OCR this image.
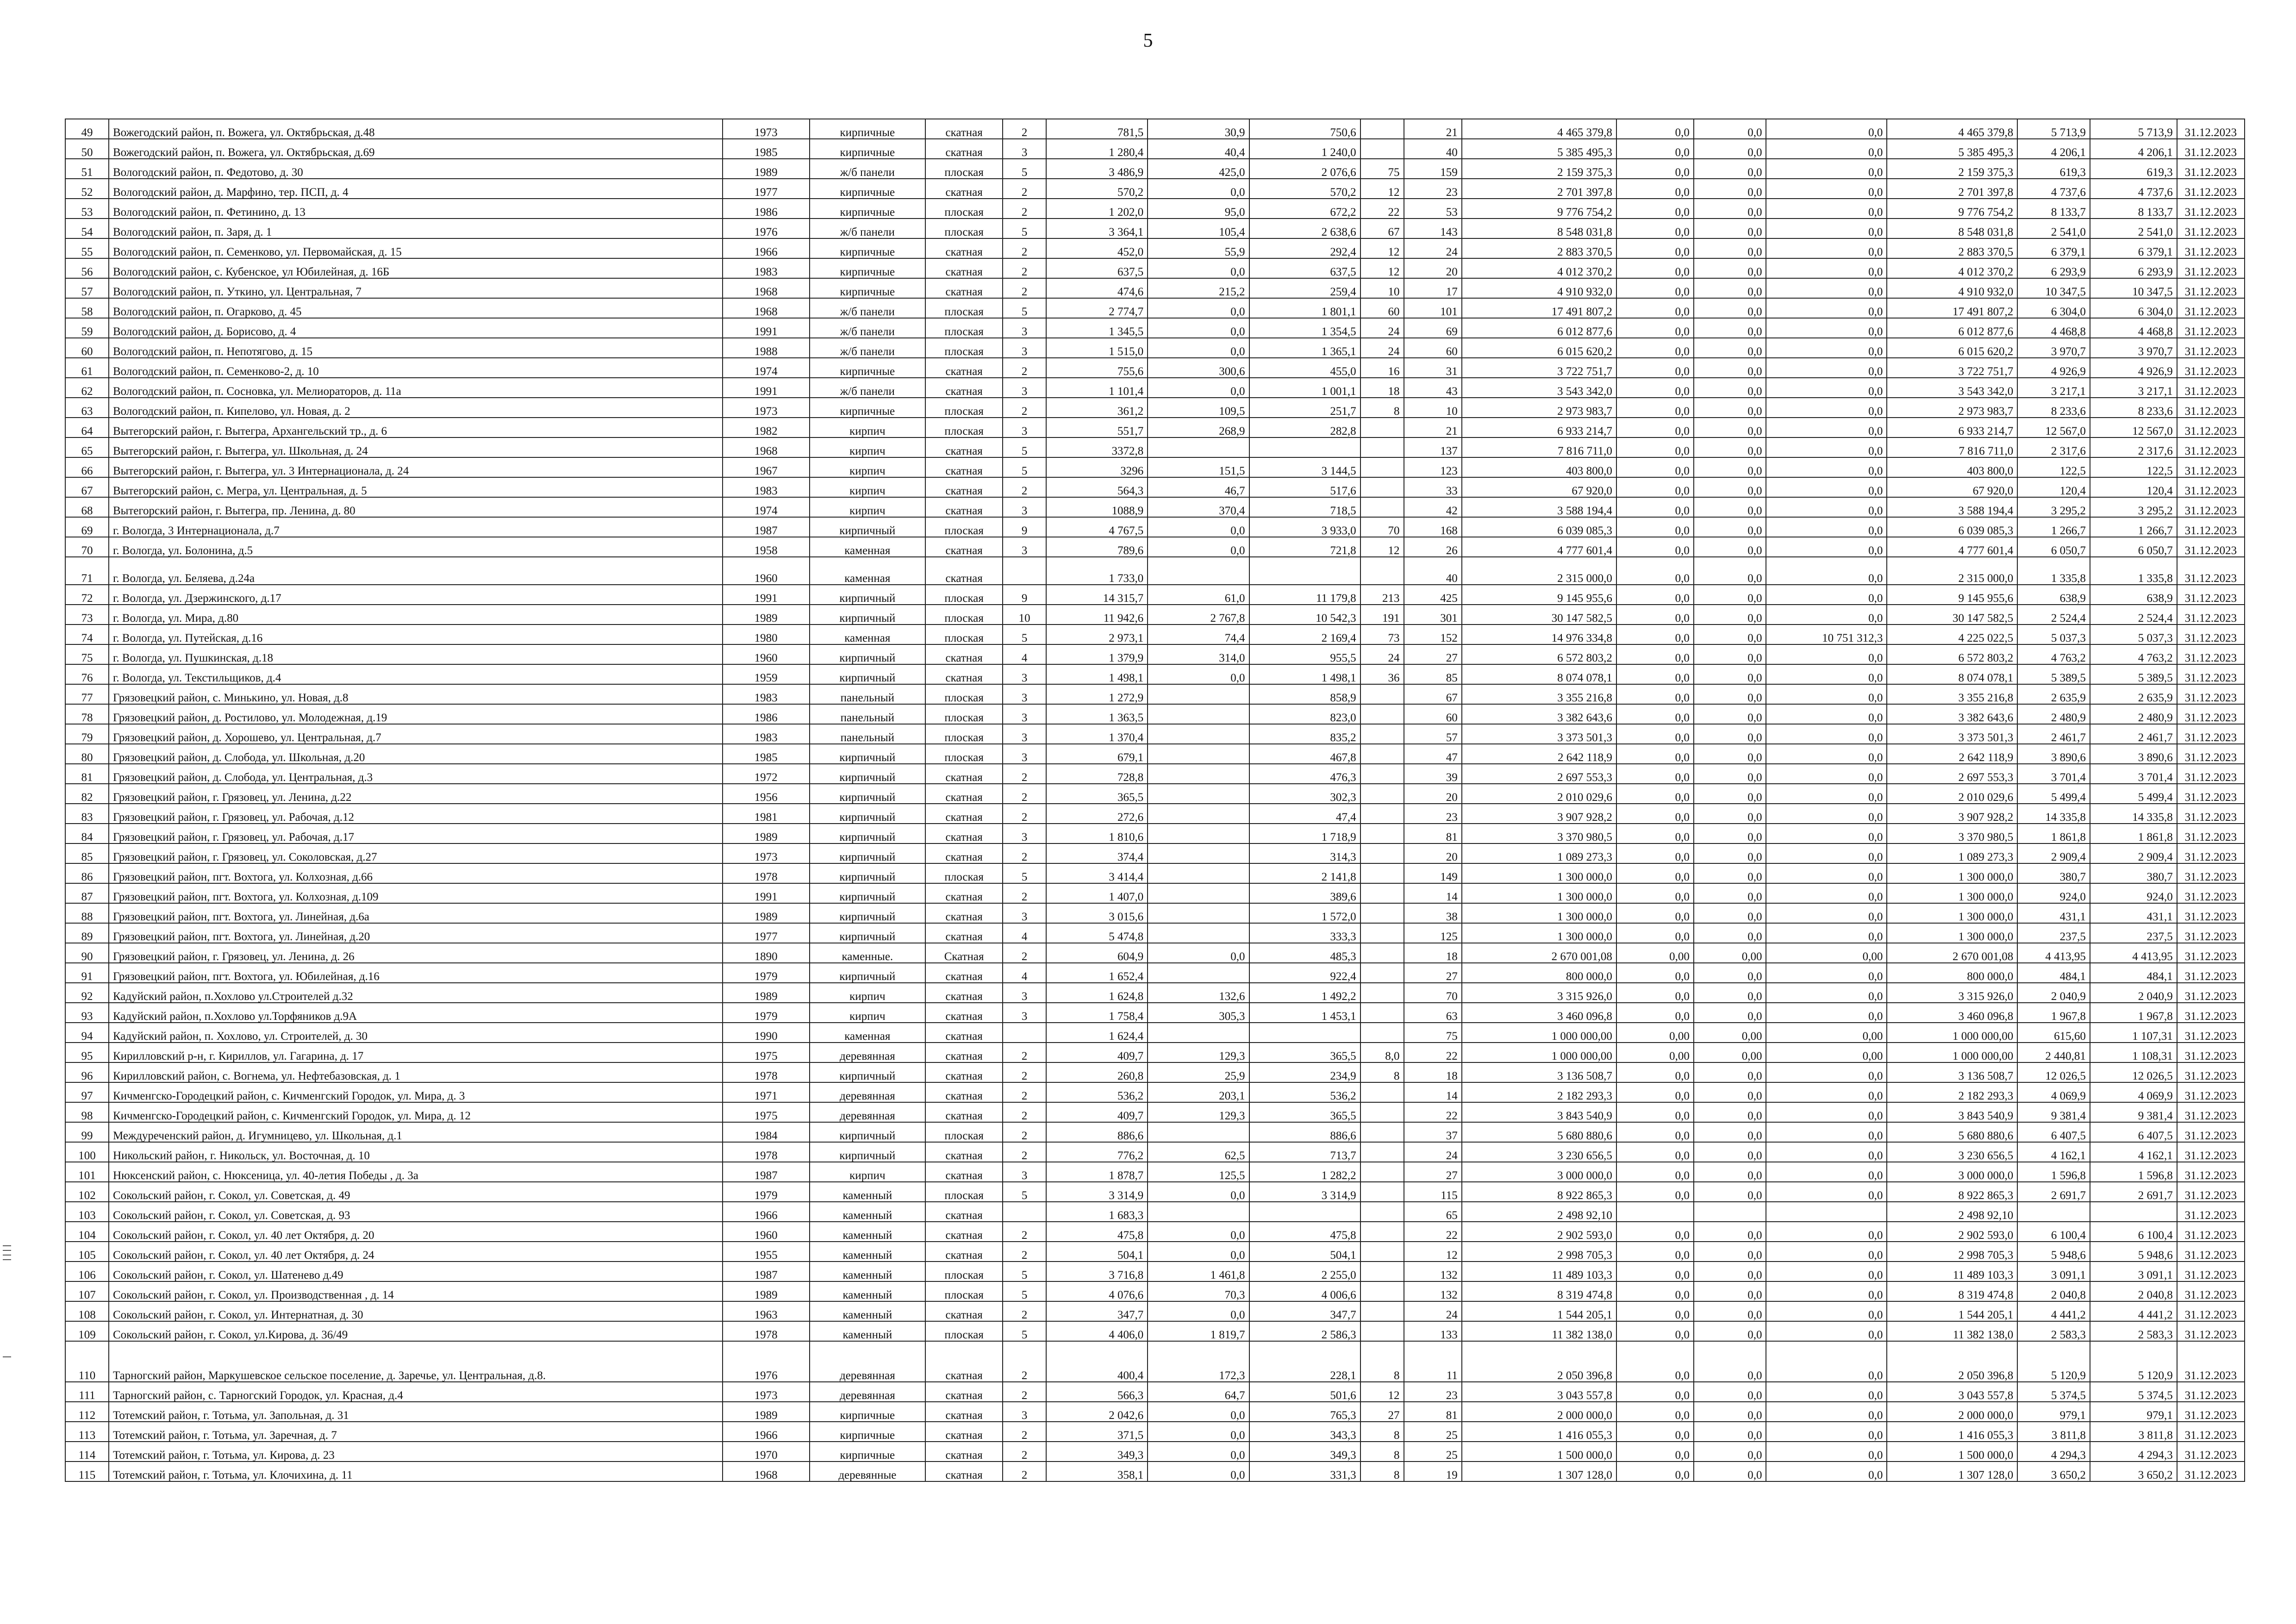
5
49	Вожегодский район, п. Вожега, ул. Октябрьская, д.48	1973	кирпичные	скатная	2	781,5	30,9	750,6		21	4 465 379,8	0,0	0,0	0,0	4 465 379,8	5 713,9	5 713,9	31.12.2023
50	Вожегодский район, п. Вожега, ул. Октябрьская, д.69	1985	кирпичные	скатная	3	1 280,4	40,4	1 240,0		40	5 385 495,3	0,0	0,0	0,0	5 385 495,3	4 206,1	4 206,1	31.12.2023
51	Вологодский район, п. Федотово, д. 30	1989	ж/б панели	плоская	5	3 486,9	425,0	2 076,6	75	159	2 159 375,3	0,0	0,0	0,0	2 159 375,3	619,3	619,3	31.12.2023
52	Вологодский район, д. Марфино, тер. ПСП, д. 4	1977	кирпичные	скатная	2	570,2	0,0	570,2	12	23	2 701 397,8	0,0	0,0	0,0	2 701 397,8	4 737,6	4 737,6	31.12.2023
53	Вологодский район, п. Фетинино, д. 13	1986	кирпичные	плоская	2	1 202,0	95,0	672,2	22	53	9 776 754,2	0,0	0,0	0,0	9 776 754,2	8 133,7	8 133,7	31.12.2023
54	Вологодский район, п. Заря, д. 1	1976	ж/б панели	плоская	5	3 364,1	105,4	2 638,6	67	143	8 548 031,8	0,0	0,0	0,0	8 548 031,8	2 541,0	2 541,0	31.12.2023
55	Вологодский район, п. Семенково, ул. Первомайская, д. 15	1966	кирпичные	скатная	2	452,0	55,9	292,4	12	24	2 883 370,5	0,0	0,0	0,0	2 883 370,5	6 379,1	6 379,1	31.12.2023
56	Вологодский район, с. Кубенское, ул Юбилейная, д. 16Б	1983	кирпичные	скатная	2	637,5	0,0	637,5	12	20	4 012 370,2	0,0	0,0	0,0	4 012 370,2	6 293,9	6 293,9	31.12.2023
57	Вологодский район, п. Уткино, ул. Центральная, 7	1968	кирпичные	скатная	2	474,6	215,2	259,4	10	17	4 910 932,0	0,0	0,0	0,0	4 910 932,0	10 347,5	10 347,5	31.12.2023
58	Вологодский район, п. Огарково, д. 45	1968	ж/б панели	плоская	5	2 774,7	0,0	1 801,1	60	101	17 491 807,2	0,0	0,0	0,0	17 491 807,2	6 304,0	6 304,0	31.12.2023
59	Вологодский район, д. Борисово, д. 4	1991	ж/б панели	плоская	3	1 345,5	0,0	1 354,5	24	69	6 012 877,6	0,0	0,0	0,0	6 012 877,6	4 468,8	4 468,8	31.12.2023
60	Вологодский район, п. Непотягово, д. 15	1988	ж/б панели	плоская	3	1 515,0	0,0	1 365,1	24	60	6 015 620,2	0,0	0,0	0,0	6 015 620,2	3 970,7	3 970,7	31.12.2023
61	Вологодский район, п. Семенково-2, д. 10	1974	кирпичные	скатная	2	755,6	300,6	455,0	16	31	3 722 751,7	0,0	0,0	0,0	3 722 751,7	4 926,9	4 926,9	31.12.2023
62	Вологодский район, п. Сосновка, ул. Мелиораторов, д. 11а	1991	ж/б панели	скатная	3	1 101,4	0,0	1 001,1	18	43	3 543 342,0	0,0	0,0	0,0	3 543 342,0	3 217,1	3 217,1	31.12.2023
63	Вологодский район, п. Кипелово, ул. Новая, д. 2	1973	кирпичные	плоская	2	361,2	109,5	251,7	8	10	2 973 983,7	0,0	0,0	0,0	2 973 983,7	8 233,6	8 233,6	31.12.2023
64	Вытегорский район, г. Вытегра, Архангельский тр., д. 6	1982	кирпич	плоская	3	551,7	268,9	282,8		21	6 933 214,7	0,0	0,0	0,0	6 933 214,7	12 567,0	12 567,0	31.12.2023
65	Вытегорский район, г. Вытегра, ул. Школьная, д. 24	1968	кирпич	скатная	5	3372,8				137	7 816 711,0	0,0	0,0	0,0	7 816 711,0	2 317,6	2 317,6	31.12.2023
66	Вытегорский район, г. Вытегра, ул. 3 Интернационала, д. 24	1967	кирпич	скатная	5	3296	151,5	3 144,5		123	403 800,0	0,0	0,0	0,0	403 800,0	122,5	122,5	31.12.2023
67	Вытегорский район, с. Мегра, ул. Центральная, д. 5	1983	кирпич	скатная	2	564,3	46,7	517,6		33	67 920,0	0,0	0,0	0,0	67 920,0	120,4	120,4	31.12.2023
68	Вытегорский район, г. Вытегра, пр. Ленина, д. 80	1974	кирпич	скатная	3	1088,9	370,4	718,5		42	3 588 194,4	0,0	0,0	0,0	3 588 194,4	3 295,2	3 295,2	31.12.2023
69	г. Вологда, 3 Интернационала, д.7	1987	кирпичный	плоская	9	4 767,5	0,0	3 933,0	70	168	6 039 085,3	0,0	0,0	0,0	6 039 085,3	1 266,7	1 266,7	31.12.2023
70	г. Вологда, ул. Болонина, д.5	1958	каменная	скатная	3	789,6	0,0	721,8	12	26	4 777 601,4	0,0	0,0	0,0	4 777 601,4	6 050,7	6 050,7	31.12.2023
71	г. Вологда, ул. Беляева, д.24а	1960	каменная	скатная		1 733,0				40	2 315 000,0	0,0	0,0	0,0	2 315 000,0	1 335,8	1 335,8	31.12.2023
72	г. Вологда, ул. Дзержинского, д.17	1991	кирпичный	плоская	9	14 315,7	61,0	11 179,8	213	425	9 145 955,6	0,0	0,0	0,0	9 145 955,6	638,9	638,9	31.12.2023
73	г. Вологда, ул. Мира, д.80	1989	кирпичный	плоская	10	11 942,6	2 767,8	10 542,3	191	301	30 147 582,5	0,0	0,0	0,0	30 147 582,5	2 524,4	2 524,4	31.12.2023
74	г. Вологда, ул. Путейская, д.16	1980	каменная	плоская	5	2 973,1	74,4	2 169,4	73	152	14 976 334,8	0,0	0,0	10 751 312,3	4 225 022,5	5 037,3	5 037,3	31.12.2023
75	г. Вологда, ул. Пушкинская, д.18	1960	кирпичный	скатная	4	1 379,9	314,0	955,5	24	27	6 572 803,2	0,0	0,0	0,0	6 572 803,2	4 763,2	4 763,2	31.12.2023
76	г. Вологда, ул. Текстильщиков, д.4	1959	кирпичный	скатная	3	1 498,1	0,0	1 498,1	36	85	8 074 078,1	0,0	0,0	0,0	8 074 078,1	5 389,5	5 389,5	31.12.2023
77	Грязовецкий район, с. Минькино, ул. Новая, д.8	1983	панельный	плоская	3	1 272,9		858,9		67	3 355 216,8	0,0	0,0	0,0	3 355 216,8	2 635,9	2 635,9	31.12.2023
78	Грязовецкий район, д. Ростилово, ул. Молодежная, д.19	1986	панельный	плоская	3	1 363,5		823,0		60	3 382 643,6	0,0	0,0	0,0	3 382 643,6	2 480,9	2 480,9	31.12.2023
79	Грязовецкий район, д. Хорошево, ул. Центральная, д.7	1983	панельный	плоская	3	1 370,4		835,2		57	3 373 501,3	0,0	0,0	0,0	3 373 501,3	2 461,7	2 461,7	31.12.2023
80	Грязовецкий район, д. Слобода, ул. Школьная, д.20	1985	кирпичный	плоская	3	679,1		467,8		47	2 642 118,9	0,0	0,0	0,0	2 642 118,9	3 890,6	3 890,6	31.12.2023
81	Грязовецкий район, д. Слобода, ул. Центральная, д.3	1972	кирпичный	скатная	2	728,8		476,3		39	2 697 553,3	0,0	0,0	0,0	2 697 553,3	3 701,4	3 701,4	31.12.2023
82	Грязовецкий район, г. Грязовец, ул. Ленина, д.22	1956	кирпичный	скатная	2	365,5		302,3		20	2 010 029,6	0,0	0,0	0,0	2 010 029,6	5 499,4	5 499,4	31.12.2023
83	Грязовецкий район, г. Грязовец, ул. Рабочая, д.12	1981	кирпичный	скатная	2	272,6		47,4		23	3 907 928,2	0,0	0,0	0,0	3 907 928,2	14 335,8	14 335,8	31.12.2023
84	Грязовецкий район, г. Грязовец, ул. Рабочая, д.17	1989	кирпичный	скатная	3	1 810,6		1 718,9		81	3 370 980,5	0,0	0,0	0,0	3 370 980,5	1 861,8	1 861,8	31.12.2023
85	Грязовецкий район, г. Грязовец, ул. Соколовская, д.27	1973	кирпичный	скатная	2	374,4		314,3		20	1 089 273,3	0,0	0,0	0,0	1 089 273,3	2 909,4	2 909,4	31.12.2023
86	Грязовецкий район, пгт. Вохтога, ул. Колхозная, д.66	1978	кирпичный	плоская	5	3 414,4		2 141,8		149	1 300 000,0	0,0	0,0	0,0	1 300 000,0	380,7	380,7	31.12.2023
87	Грязовецкий район, пгт. Вохтога, ул. Колхозная, д.109	1991	кирпичный	скатная	2	1 407,0		389,6		14	1 300 000,0	0,0	0,0	0,0	1 300 000,0	924,0	924,0	31.12.2023
88	Грязовецкий район, пгт. Вохтога, ул. Линейная, д.6а	1989	кирпичный	скатная	3	3 015,6		1 572,0		38	1 300 000,0	0,0	0,0	0,0	1 300 000,0	431,1	431,1	31.12.2023
89	Грязовецкий район, пгт. Вохтога, ул. Линейная, д.20	1977	кирпичный	скатная	4	5 474,8		333,3		125	1 300 000,0	0,0	0,0	0,0	1 300 000,0	237,5	237,5	31.12.2023
90	Грязовецкий район, г. Грязовец, ул. Ленина, д. 26	1890	каменные.	Скатная	2	604,9	0,0	485,3		18	2 670 001,08	0,00	0,00	0,00	2 670 001,08	4 413,95	4 413,95	31.12.2023
91	Грязовецкий район, пгт. Вохтога, ул. Юбилейная, д.16	1979	кирпичный	скатная	4	1 652,4		922,4		27	800 000,0	0,0	0,0	0,0	800 000,0	484,1	484,1	31.12.2023
92	Кадуйский район, п.Хохлово ул.Строителей д.32	1989	кирпич	скатная	3	1 624,8	132,6	1 492,2		70	3 315 926,0	0,0	0,0	0,0	3 315 926,0	2 040,9	2 040,9	31.12.2023
93	Кадуйский район, п.Хохлово ул.Торфяников д.9А	1979	кирпич	скатная	3	1 758,4	305,3	1 453,1		63	3 460 096,8	0,0	0,0	0,0	3 460 096,8	1 967,8	1 967,8	31.12.2023
94	Кадуйский район, п. Хохлово, ул. Строителей, д. 30	1990	каменная	скатная		1 624,4				75	1 000 000,00	0,00	0,00	0,00	1 000 000,00	615,60	1 107,31	31.12.2023
95	Кирилловский р-н, г. Кириллов, ул. Гагарина, д. 17	1975	деревянная	скатная	2	409,7	129,3	365,5	8,0	22	1 000 000,00	0,00	0,00	0,00	1 000 000,00	2 440,81	1 108,31	31.12.2023
96	Кирилловский район, с. Вогнема, ул. Нефтебазовская, д. 1	1978	кирпичный	скатная	2	260,8	25,9	234,9	8	18	3 136 508,7	0,0	0,0	0,0	3 136 508,7	12 026,5	12 026,5	31.12.2023
97	Кичменгско-Городецкий район, с. Кичменгский Городок, ул. Мира, д. 3	1971	деревянная	скатная	2	536,2	203,1	536,2		14	2 182 293,3	0,0	0,0	0,0	2 182 293,3	4 069,9	4 069,9	31.12.2023
98	Кичменгско-Городецкий район, с. Кичменгский Городок, ул. Мира, д. 12	1975	деревянная	скатная	2	409,7	129,3	365,5		22	3 843 540,9	0,0	0,0	0,0	3 843 540,9	9 381,4	9 381,4	31.12.2023
99	Междуреченский район, д. Игумницево, ул. Школьная, д.1	1984	кирпичный	плоская	2	886,6		886,6		37	5 680 880,6	0,0	0,0	0,0	5 680 880,6	6 407,5	6 407,5	31.12.2023
100	Никольский район, г. Никольск, ул. Восточная, д. 10	1978	кирпичный	скатная	2	776,2	62,5	713,7		24	3 230 656,5	0,0	0,0	0,0	3 230 656,5	4 162,1	4 162,1	31.12.2023
101	Нюксенский район, с. Нюксеница, ул. 40-летия Победы , д. 3а	1987	кирпич	скатная	3	1 878,7	125,5	1 282,2		27	3 000 000,0	0,0	0,0	0,0	3 000 000,0	1 596,8	1 596,8	31.12.2023
102	Сокольский район, г. Сокол, ул. Советская, д. 49	1979	каменный	плоская	5	3 314,9	0,0	3 314,9		115	8 922 865,3	0,0	0,0	0,0	8 922 865,3	2 691,7	2 691,7	31.12.2023
103	Сокольский район, г. Сокол, ул. Советская, д. 93	1966	каменный	скатная		1 683,3				65	2 498 92,10				2 498 92,10			31.12.2023
104	Сокольский район, г. Сокол, ул. 40 лет Октября, д. 20	1960	каменный	скатная	2	475,8	0,0	475,8		22	2 902 593,0	0,0	0,0	0,0	2 902 593,0	6 100,4	6 100,4	31.12.2023
105	Сокольский район, г. Сокол, ул. 40 лет Октября, д. 24	1955	каменный	скатная	2	504,1	0,0	504,1		12	2 998 705,3	0,0	0,0	0,0	2 998 705,3	5 948,6	5 948,6	31.12.2023
106	Сокольский район, г. Сокол, ул. Шатенево д.49	1987	каменный	плоская	5	3 716,8	1 461,8	2 255,0		132	11 489 103,3	0,0	0,0	0,0	11 489 103,3	3 091,1	3 091,1	31.12.2023
107	Сокольский район, г. Сокол, ул. Производственная , д. 14	1989	каменный	плоская	5	4 076,6	70,3	4 006,6		132	8 319 474,8	0,0	0,0	0,0	8 319 474,8	2 040,8	2 040,8	31.12.2023
108	Сокольский район, г. Сокол, ул. Интернатная, д. 30	1963	каменный	скатная	2	347,7	0,0	347,7		24	1 544 205,1	0,0	0,0	0,0	1 544 205,1	4 441,2	4 441,2	31.12.2023
109	Сокольский район, г. Сокол, ул.Кирова, д. 36/49	1978	каменный	плоская	5	4 406,0	1 819,7	2 586,3		133	11 382 138,0	0,0	0,0	0,0	11 382 138,0	2 583,3	2 583,3	31.12.2023
110	Тарногский район, Маркушевское сельское поселение, д. Заречье, ул. Центральная, д.8.	1976	деревянная	скатная	2	400,4	172,3	228,1	8	11	2 050 396,8	0,0	0,0	0,0	2 050 396,8	5 120,9	5 120,9	31.12.2023
111	Тарногский район, с. Тарногский Городок, ул. Красная, д.4	1973	деревянная	скатная	2	566,3	64,7	501,6	12	23	3 043 557,8	0,0	0,0	0,0	3 043 557,8	5 374,5	5 374,5	31.12.2023
112	Тотемский район, г. Тотьма, ул. Запольная, д. 31	1989	кирпичные	скатная	3	2 042,6	0,0	765,3	27	81	2 000 000,0	0,0	0,0	0,0	2 000 000,0	979,1	979,1	31.12.2023
113	Тотемский район, г. Тотьма, ул. Заречная, д. 7	1966	кирпичные	скатная	2	371,5	0,0	343,3	8	25	1 416 055,3	0,0	0,0	0,0	1 416 055,3	3 811,8	3 811,8	31.12.2023
114	Тотемский район, г. Тотьма, ул. Кирова, д. 23	1970	кирпичные	скатная	2	349,3	0,0	349,3	8	25	1 500 000,0	0,0	0,0	0,0	1 500 000,0	4 294,3	4 294,3	31.12.2023
115	Тотемский район, г. Тотьма, ул. Клочихина, д. 11	1968	деревянные	скатная	2	358,1	0,0	331,3	8	19	1 307 128,0	0,0	0,0	0,0	1 307 128,0	3 650,2	3 650,2	31.12.2023
